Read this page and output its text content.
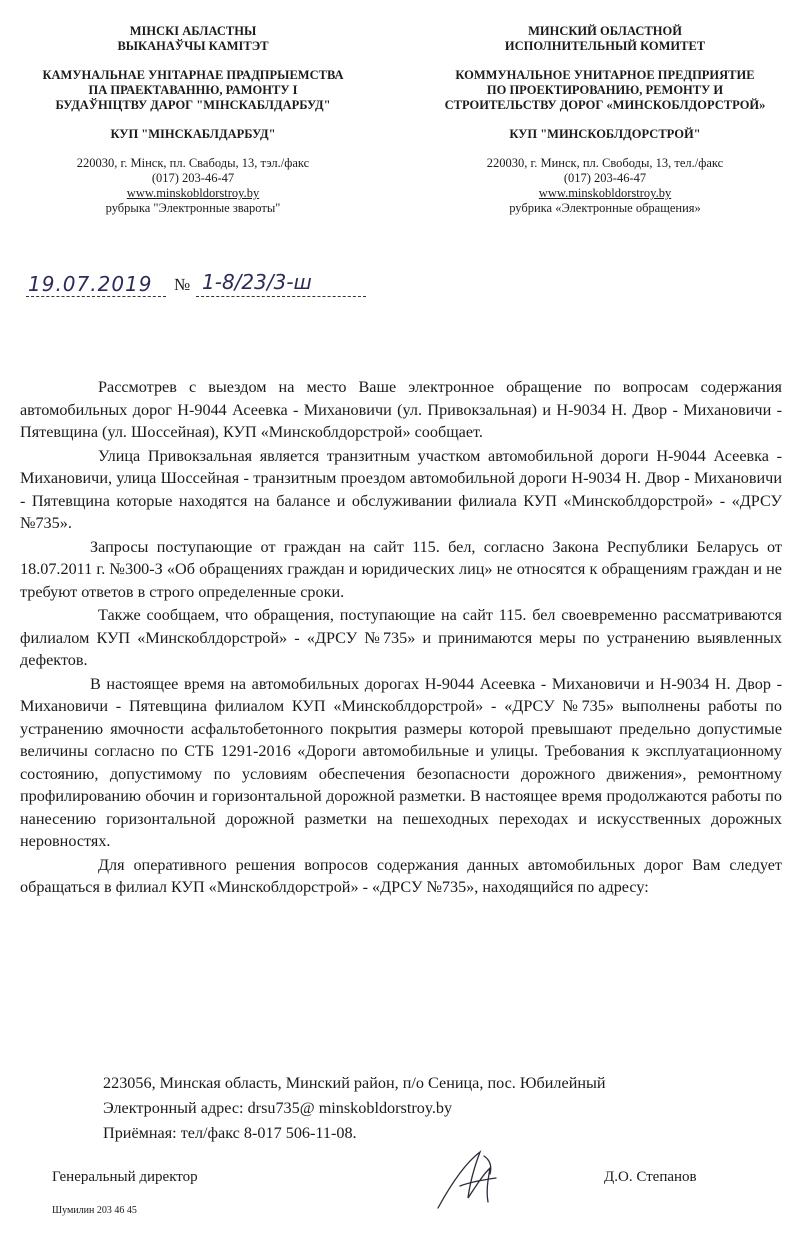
МІНСКІ АБЛАСТНЫ
ВЫКАНАЎЧЫ КАМІТЭТ
КАМУНАЛЬНАЕ УНІТАРНАЕ ПРАДПРЫЕМСТВА
ПА ПРАЕКТАВАННЮ, РАМОНТУ І
БУДАЎНІЦТВУ ДАРОГ "МІНСКАБЛДАРБУД"
КУП "МІНСКАБЛДАРБУД"
220030, г. Мінск, пл. Свабоды, 13, тэл./факс
(017) 203-46-47
www.minskobldorstroy.by
рубрыка "Электронные звароты"
МИНСКИЙ ОБЛАСТНОЙ
ИСПОЛНИТЕЛЬНЫЙ КОМИТЕТ
КОММУНАЛЬНОЕ УНИТАРНОЕ ПРЕДПРИЯТИЕ
ПО ПРОЕКТИРОВАНИЮ, РЕМОНТУ И
СТРОИТЕЛЬСТВУ ДОРОГ «МИНСКОБЛДОРСТРОЙ»
КУП "МИНСКОБЛДОРСТРОЙ"
220030, г. Минск, пл. Свободы, 13, тел./факс
(017) 203-46-47
www.minskobldorstroy.by
рубрика «Электронные обращения»
19.07.2019 № 1-8/23/3-ш

Рассмотрев с выездом на место Ваше электронное обращение по вопросам содержания автомобильных дорог Н-9044 Асеевка - Михановичи (ул. Привокзальная) и Н-9034 Н. Двор - Михановичи - Пятевщина (ул. Шоссейная), КУП «Минскоблдорстрой» сообщает.

Улица Привокзальная является транзитным участком автомобильной дороги Н-9044 Асеевка - Михановичи, улица Шоссейная - транзитным проездом автомобильной дороги Н-9034 Н. Двор - Михановичи - Пятевщина которые находятся на балансе и обслуживании филиала КУП «Минскоблдорстрой» - «ДРСУ №735».

Запросы поступающие от граждан на сайт 115. бел, согласно Закона Республики Беларусь от 18.07.2011 г. №300-З «Об обращениях граждан и юридических лиц» не относятся к обращениям граждан и не требуют ответов в строго определенные сроки.

Также сообщаем, что обращения, поступающие на сайт 115. бел своевременно рассматриваются филиалом КУП «Минскоблдорстрой» - «ДРСУ №735» и принимаются меры по устранению выявленных дефектов.

В настоящее время на автомобильных дорогах Н-9044 Асеевка - Михановичи и Н-9034 Н. Двор - Михановичи - Пятевщина филиалом КУП «Минскоблдорстрой» - «ДРСУ №735» выполнены работы по устранению ямочности асфальтобетонного покрытия размеры которой превышают предельно допустимые величины согласно по СТБ 1291-2016 «Дороги автомобильные и улицы. Требования к эксплуатационному состоянию, допустимому по условиям обеспечения безопасности дорожного движения», ремонтному профилированию обочин и горизонтальной дорожной разметки. В настоящее время продолжаются работы по нанесению горизонтальной дорожной разметки на пешеходных переходах и искусственных дорожных неровностях.

Для оперативного решения вопросов содержания данных автомобильных дорог Вам следует обращаться в филиал КУП «Минскоблдорстрой» - «ДРСУ №735», находящийся по адресу:

223056, Минская область, Минский район, п/о Сеница, пос. Юбилейный
Электронный адрес: drsu735@ minskobldorstroy.by
Приёмная: тел/факс 8-017 506-11-08.
Генеральный директор	Д.О. Степанов
Шумилин 203 46 45
